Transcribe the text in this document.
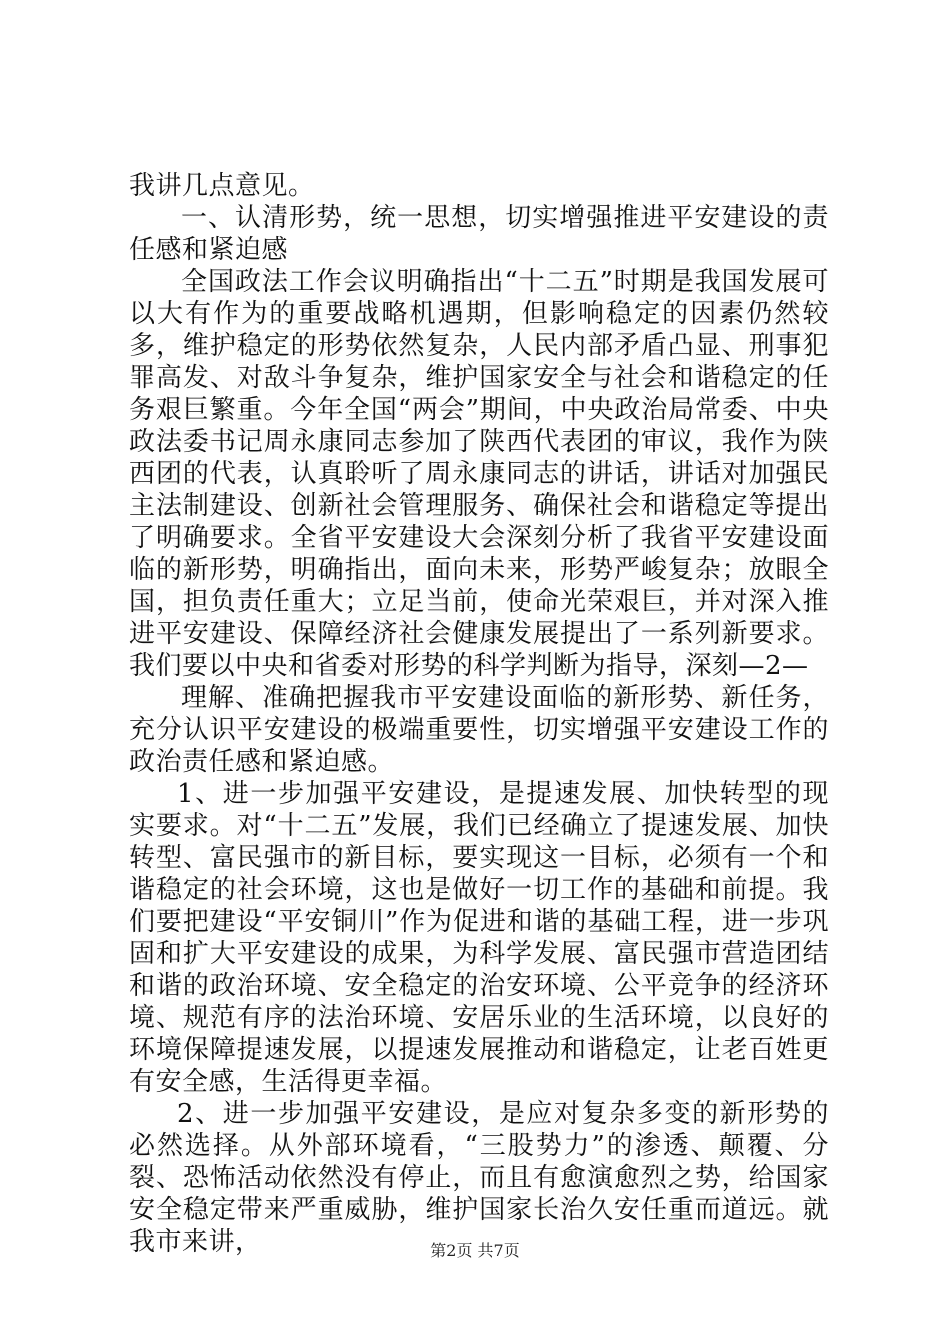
我讲几点意见。

一、认清形势，统一思想，切实增强推进平安建设的责任感和紧迫感

全国政法工作会议明确指出“十二五”时期是我国发展可以大有作为的重要战略机遇期，但影响稳定的因素仍然较多，维护稳定的形势依然复杂，人民内部矛盾凸显、刑事犯罪高发、对敌斗争复杂，维护国家安全与社会和谐稳定的任务艰巨繁重。今年全国“两会”期间，中央政治局常委、中央政法委书记周永康同志参加了陕西代表团的审议，我作为陕西团的代表，认真聆听了周永康同志的讲话，讲话对加强民主法制建设、创新社会管理服务、确保社会和谐稳定等提出了明确要求。全省平安建设大会深刻分析了我省平安建设面临的新形势，明确指出，面向未来，形势严峻复杂；放眼全国，担负责任重大；立足当前，使命光荣艰巨，并对深入推进平安建设、保障经济社会健康发展提出了一系列新要求。我们要以中央和省委对形势的科学判断为指导，深刻—2—

理解、准确把握我市平安建设面临的新形势、新任务，充分认识平安建设的极端重要性，切实增强平安建设工作的政治责任感和紧迫感。

1、进一步加强平安建设，是提速发展、加快转型的现实要求。对“十二五”发展，我们已经确立了提速发展、加快转型、富民强市的新目标，要实现这一目标，必须有一个和谐稳定的社会环境，这也是做好一切工作的基础和前提。我们要把建设“平安铜川”作为促进和谐的基础工程，进一步巩固和扩大平安建设的成果，为科学发展、富民强市营造团结和谐的政治环境、安全稳定的治安环境、公平竞争的经济环境、规范有序的法治环境、安居乐业的生活环境，以良好的环境保障提速发展，以提速发展推动和谐稳定，让老百姓更有安全感，生活得更幸福。

2、进一步加强平安建设，是应对复杂多变的新形势的必然选择。从外部环境看，“三股势力”的渗透、颠覆、分裂、恐怖活动依然没有停止，而且有愈演愈烈之势，给国家安全稳定带来严重威胁，维护国家长治久安任重而道远。就我市来讲，	第2页 共7页
